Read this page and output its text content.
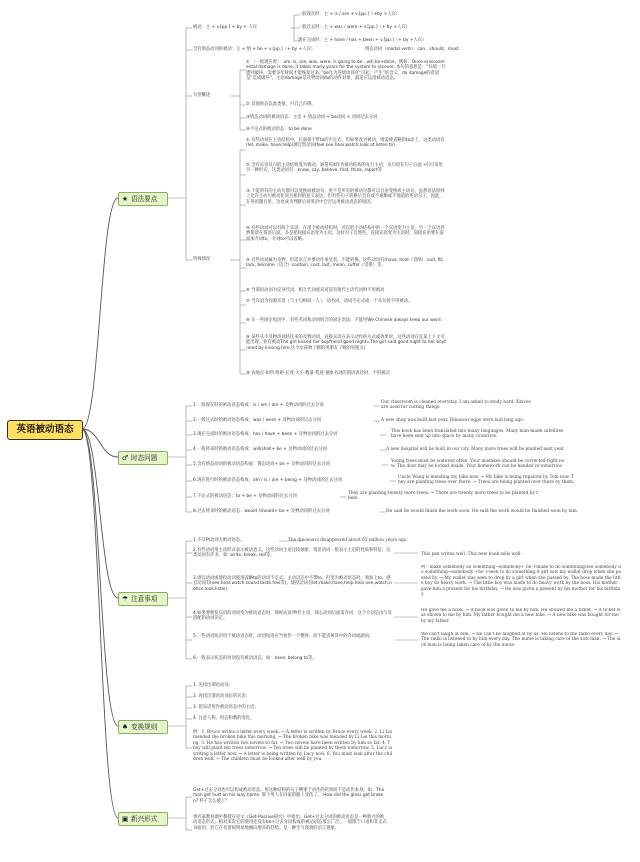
英语被动语态
★ 语法要点
♂ 时态问题
☂ 注意事项
♠ 变换规则
▣ 新兴形式
被动：主 + v.[pp.] + by + 人宾
一般现在时：主 + is / are + v.[pp.]（+by +人宾）
一般过去时：主 + was / were + v.[pp.]（+ by +人宾）
现在完成时：主 + have / has + been + v.[pp.]（+ by +人宾）
含有情态动词的被动：主 + 情 + be + v.[pp.]（+ by +人宾）	情态动词（modal verb）：can、should、must
句型概述
① 〔一般现在时〕：am, is, are, was, were, is going to be , will be+done，例如：Once environmental damage is done, it takes many years for the system to recover. 本句的意思是：“环境一旦遭到破坏，需要多年时间才能恢复过来。”be作为连缀动词有“引起，产生”的含义，do damage的意思是“造成破坏”，主语damage是及物动词do的动作对象，最适应运用被动语态。
② 其他时态以此类推，可自己归纳。
③情态动词的被动语态：主语 + 情态动词 + be动词 + 动词过去分词
④不定式的被动语态：to be done
特殊情况
① 有些动词在主动结构中，后面接不带to的不定式，但如果改为被动，则需使省略的to添上，这类动词有 (let, make, have,help)感官型动词(feel.see.hear.watch.look at.listen to)
② 含有宾语从句的主动结构变为被动。通常用it作为被动结构的先行主语，从句放在句子后面 •引可采用另一种形式，这类动词有：know, say, believe, find, think, report等
③ 不能所有的主动句都可以变换成被动句。更不是所有的被动句都可以自由变换成主动句。虽然语法原则上允许主动句被动化而且相同的意义表达，但有些句子转换后会有或不通顺或不地道的英语句子，因此，在英语题目里，这也成为判断后说英语中会否运用被动语态的原因。
④ 有些动词可以有两个宾语。在用于被动结构时，可以把主动结构中的一个宾语变为主语，另一个宾语仍然保留在谓语后面。多是把间接宾语变为主语。这样句子自然些。直接宾语变为主语时，间接宾语要在前面加介词to，介词to可以省略。
⑤ 有些动词属为及物，但需语言并要动作承受者，不能转换。这些动词有(have, hold（容纳）,suit, fit, lack, become（适合）contain, cost, last, mean, suffer（受难）等。
⑥ 当谓语动词为反身代词，相互代词或宾语前有指代主语代词时不用被动
⑦ 当宾语为同源宾语（与主句相同一人），动名词，动词不定式或一个从句时不用被动。
⑧ 在一些固定短语中，有些名词和动词组合的固定语法，不能用We Chinese always keep our word.
⑨ 某些从不及物动词转化来的及物动词，直接宾语在表示动作的方式或效果时，这些动词在宜某上下文可能出现。业有被动The girl kissed her boyfriend good night=The girl said good night to her boyfriend by kissing him,这个女孩吻了她的男朋友了她的男朋友)
⑩ 表地点·如所·组距·长度·大小·数量·程度·抽象名词的谓语表达时，不用被动
1.一般现在时的被动语态构成：is / am / are + 及物动词的过去分词
Our classroom is cleaned everyday. I am asked to study hard. Knives are used for cutting things.
2.一般过去时的被动语态构成：was / were + 及物动词的过去分词	A new shop was built last year. Dinosaur eggs were laid long ago.
3.现在完成时的被动语态构成：has / have + been + 及物动词的过去分词
This book has been translated into many languages. Many man-made satellites have been sent up into space by many countries.
4.一般将来时的被动语态构成：will/shall+ be + 及物动词的过去分词	A new hospital will be built in our city. Many more trees will be planted next year.
5.含有情态动词的被动语态构成：情态动词+ be + 及物动词的过去分词
Young trees must be watered often. Your mistakes should be corrected right now. The door may be locked inside. Your homework can be handed in tomorrow.
6.现在进行时的被动语态构成：am / is / are + being + 及物动词的过去分词
Uncle Wang is mending my bike now. → My bike is being repaired by Tom now. They are planting trees over there. → Trees are being planted over there by them.
7.不定式的被动语态：to + be + 及物动词的过去分词
They are planting twenty more trees. → There are twenty more trees to be planted by them.
8.过去将来时的被动语态：would /should+ be + 及物动词的过去分词	He said he would finish the work soon. He said the work would be finished soon by him.
1.不及物动词无被动语态。	The dinosaurs disappeared about 65 million years ago.
2.有些动词用主动形式表示被动意义。这些动词主语比较抽象。谓语动词一般表示主语的性质和特征。这类动词有许多，如: write, break, sell等。	This pen writes well. This new book sells well.
3.感官动词或使役动词使用省略to的动词不定式。主动语态中不带to，但变为被动语态时，须加上to。感官动词有(see.hear.watch.sound.taste.feel等)。使役动词有let,make,have,help.hear,see,watch,notice,look,listen.
例：make somebody do something→somebody+ be +made to do something/see somebody do something→somebody +be +seen to do something.A girl saw my wallet drop when she passed by. → My wallet was seen to drop by a girl when she passed by. The boss made the little boy do heavy work. → The little boy was made to do heavy work by the boss. His mother gave him a present for his birthday. → He was given a present by his mother for his birthday.
4.如果要被复宾语的动词变为被动语态时，须视宾语/物作主语，那么动词后面需介词，这个介词是由与其搭配的动词决定。
He gave me a book. → A book was given to me by him. He showed me a ticket. → A ticket was shown to me by him. My father bought me a new bike. → A new bike was bought for me by my father.
5.一些动词短语用于被动语态时，动词短语应当看作一个整体，而不能丢掉其中的介词或副词。	We can't laugh at him. → He can't be laughed at by us. He listens to the radio every day. → The radio is listened to by him every day. The nurse is taking care of the sick man. → The sick man is being taken care of by the nurse.
6.一般表示状态的动词没有被动语态。如：have, belong to等。
1. 先找出谓语动词；
2. 再找出谓语动词后的宾语；
3. 把宾语用作被动语态中的主语；
4. 注意人称、时态和数的变化。
例：1. Bruce writes a letter every week. → A letter is written by Bruce every week. 2. Li Lei mended the broken bike this morning. → The broken bike was mended by Li Lei this morning. 3. He has written two novels so far. → Two novels have been written by him so far. 4. They will plant ten trees tomorrow. → Ten trees will be planted by them tomorrow. 5. Lucy is writing a letter now. → A letter is being written by Lucy now. 6. You must look after the children well. → The children must be looked after well by you.
Get+过去分词也可以构成被动语态。用这种结构的句子侧重于动作的结果而不是动作本身。如：The man got hurt on his way home. 那个男人在回家的路上受伤了。 How did the glass get broken? 杯子怎么破了？
黄名家教育澳中教授在论文《Get-Passive研究》中指出：Get+过去分词的被动语态是一种新兴的被动语态形式；相对来说它的使用还没有be+过去分词构成的被动语态那么广泛，一般限于口语和非正式书面语；但它在有着很明显地倾向增多的趋势。是一种生气蓬勃的语言现象。
